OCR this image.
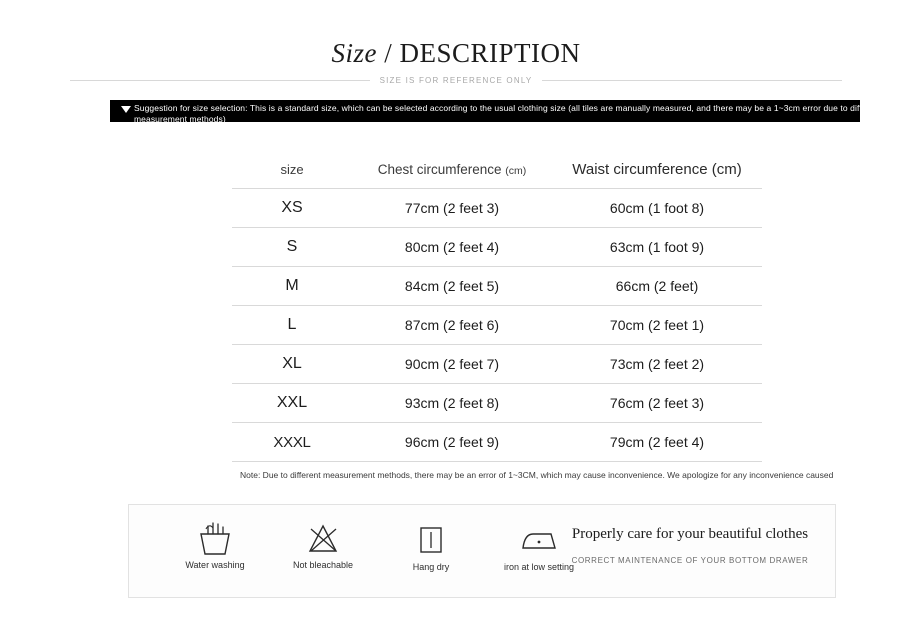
Size / DESCRIPTION
SIZE IS FOR REFERENCE ONLY
Suggestion for size selection: This is a standard size, which can be selected according to the usual clothing size (all tiles are manually measured, and there may be a 1~3cm error due to different measurement methods)
size	Chest circumference (cm)	Waist circumference (cm)
XS	77cm (2 feet 3)	60cm (1 foot 8)
S	80cm (2 feet 4)	63cm (1 foot 9)
M	84cm (2 feet 5)	66cm (2 feet)
L	87cm (2 feet 6)	70cm (2 feet 1)
XL	90cm (2 feet 7)	73cm (2 feet 2)
XXL	93cm (2 feet 8)	76cm (2 feet 3)
XXXL	96cm (2 feet 9)	79cm (2 feet 4)
Note: Due to different measurement methods, there may be an error of 1~3CM, which may cause inconvenience. We apologize for any inconvenience caused
Water washing	Not bleachable	Hang dry	iron at low setting
Properly care for your beautiful clothes
CORRECT MAINTENANCE OF YOUR BOTTOM DRAWER
